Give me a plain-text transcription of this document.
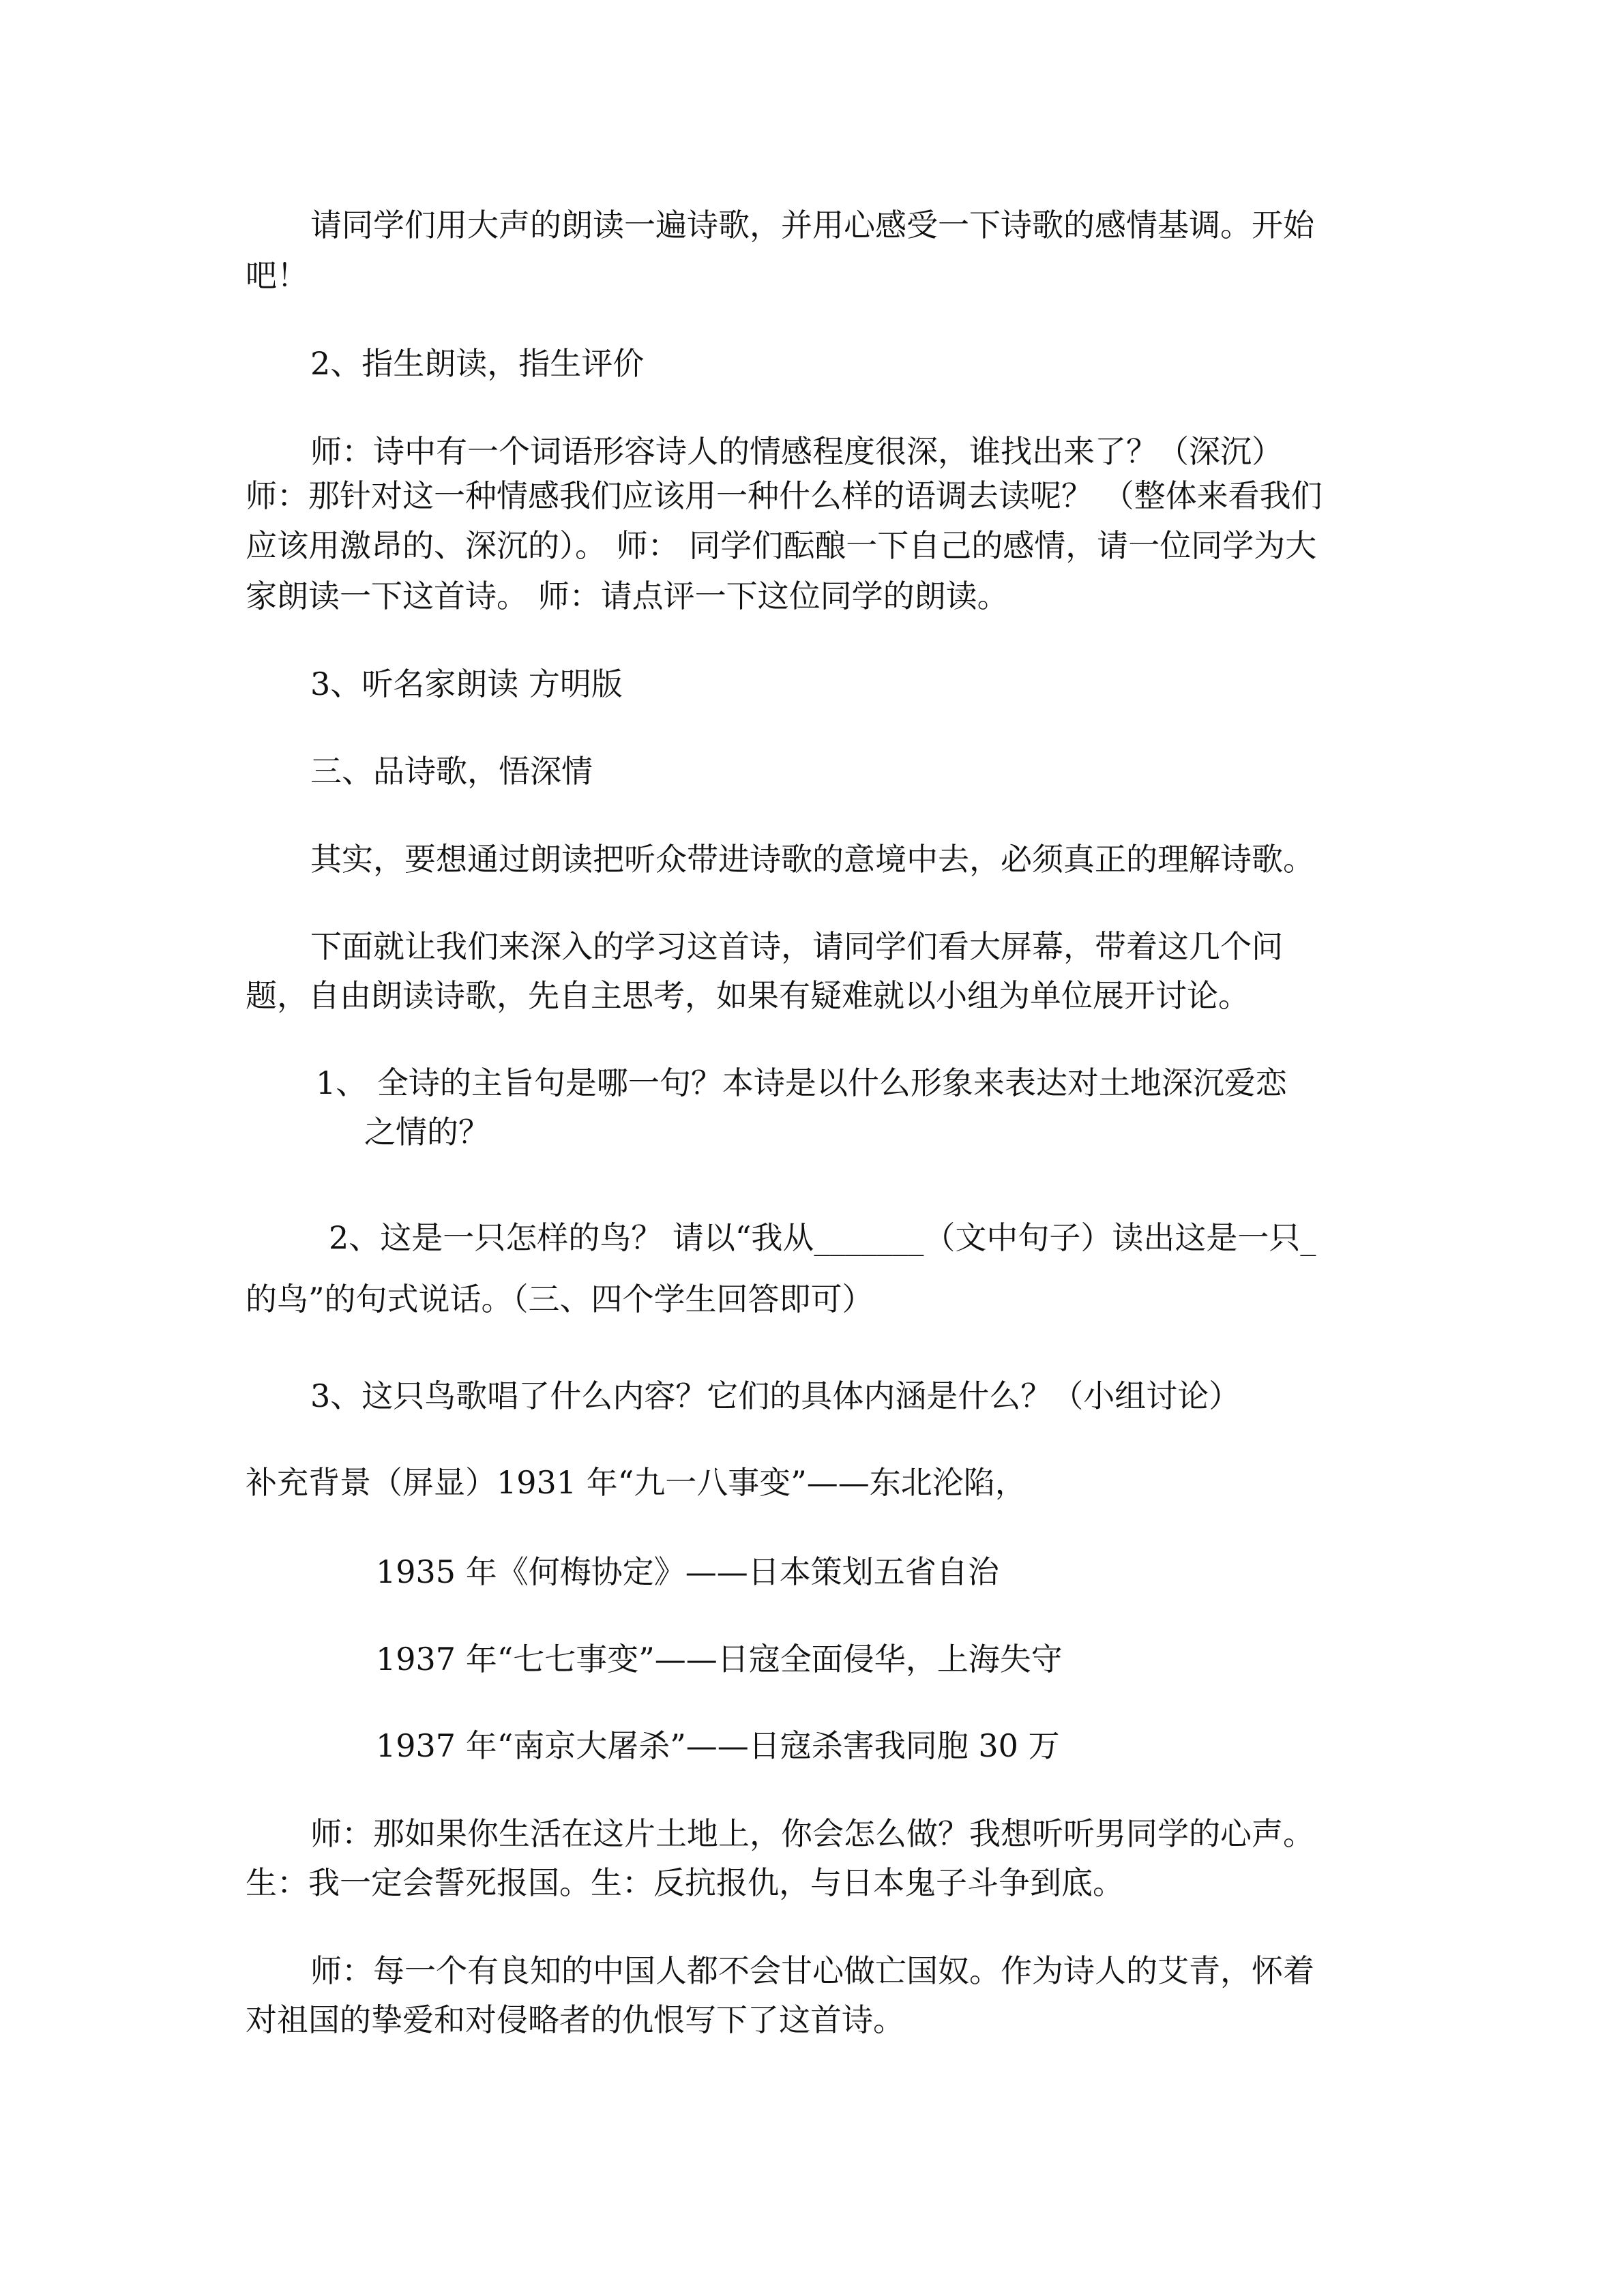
请同学们用大声的朗读一遍诗歌，并用心感受一下诗歌的感情基调。开始
吧！
2、指生朗读，指生评价
师：诗中有一个词语形容诗人的情感程度很深，谁找出来了？（深沉）
师：那针对这一种情感我们应该用一种什么样的语调去读呢？ （整体来看我们
应该用激昂的、深沉的）。 师： 同学们酝酿一下自己的感情，请一位同学为大
家朗读一下这首诗。 师：请点评一下这位同学的朗读。
3、听名家朗读 方明版
三、品诗歌，悟深情
其实，要想通过朗读把听众带进诗歌的意境中去，必须真正的理解诗歌。
下面就让我们来深入的学习这首诗，请同学们看大屏幕，带着这几个问
题，自由朗读诗歌，先自主思考，如果有疑难就以小组为单位展开讨论。
1、 全诗的主旨句是哪一句？本诗是以什么形象来表达对土地深沉爱恋
之情的？
2、这是一只怎样的鸟？ 请以“我从_______（文中句子）读出这是一只_
的鸟”的句式说话。（三、四个学生回答即可）
3、这只鸟歌唱了什么内容？它们的具体内涵是什么？（小组讨论）
补充背景（屏显）1931 年“九一八事变”——东北沦陷，
1935 年《何梅协定》——日本策划五省自治
1937 年“七七事变”——日寇全面侵华，上海失守
1937 年“南京大屠杀”——日寇杀害我同胞 30 万
师：那如果你生活在这片土地上，你会怎么做？我想听听男同学的心声。
生：我一定会誓死报国。生：反抗报仇，与日本鬼子斗争到底。
师：每一个有良知的中国人都不会甘心做亡国奴。作为诗人的艾青，怀着
对祖国的挚爱和对侵略者的仇恨写下了这首诗。
